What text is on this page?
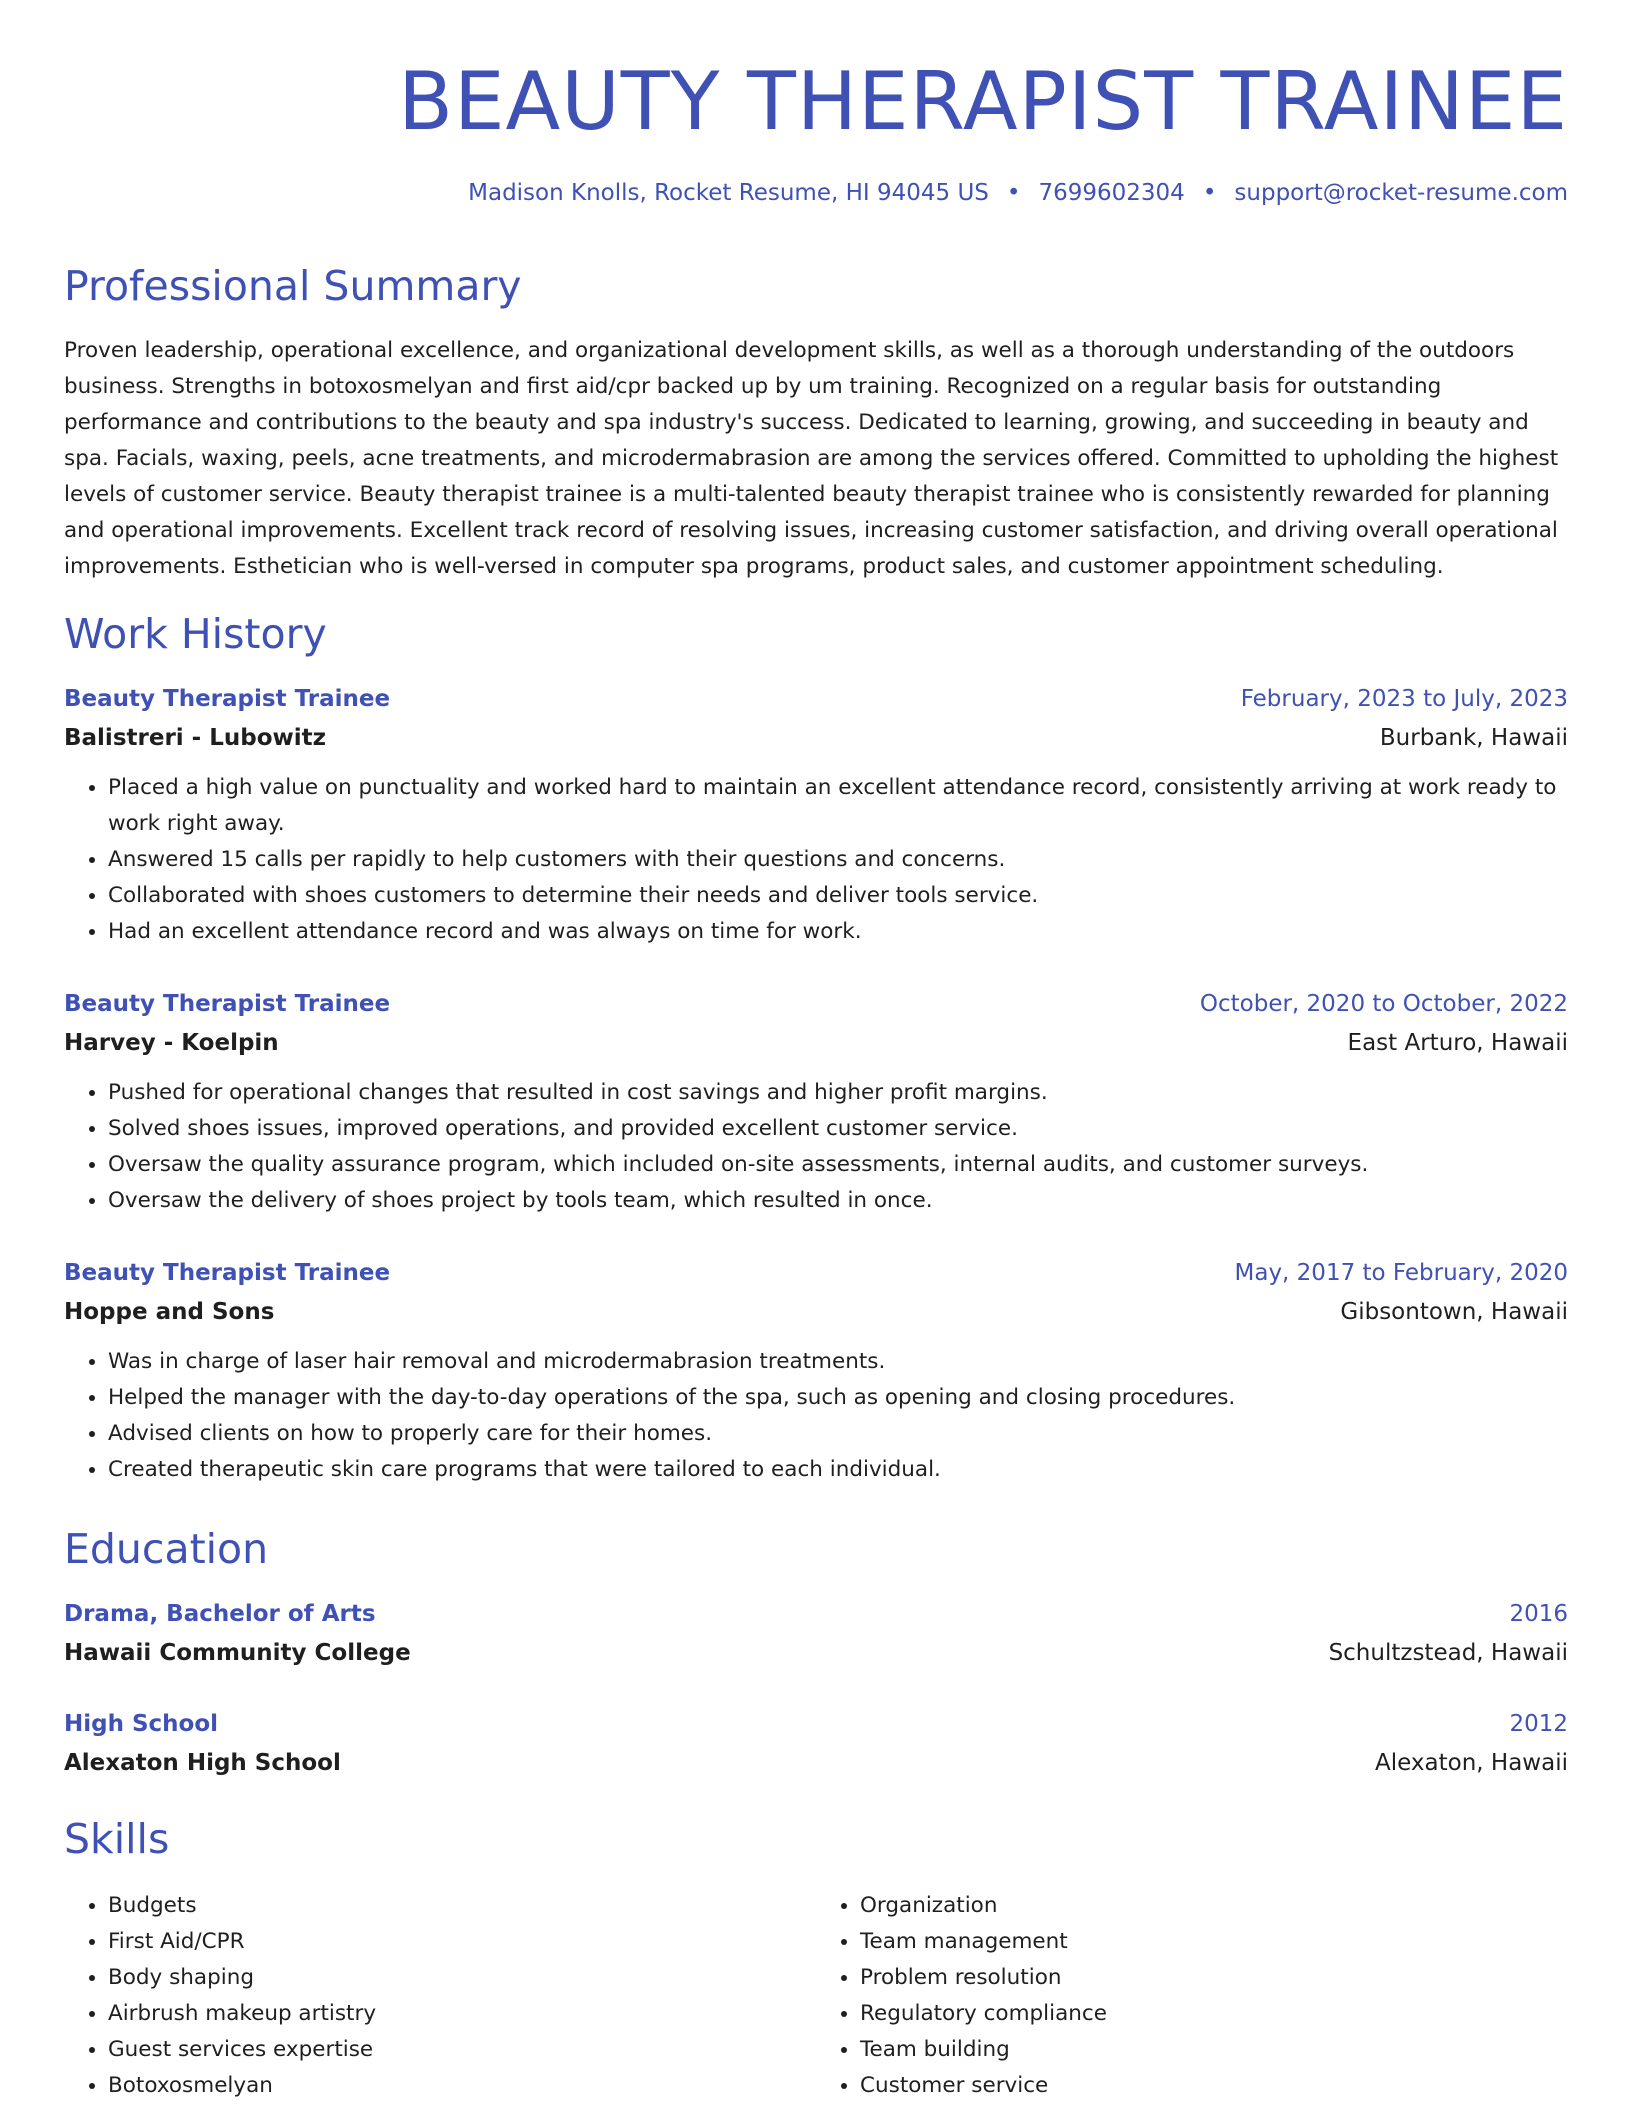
BEAUTY THERAPIST TRAINEE
Madison Knolls, Rocket Resume, HI 94045 US • 7699602304 • support@rocket-resume.com
Professional Summary

Proven leadership, operational excellence, and organizational development skills, as well as a thorough understanding of the outdoors business. Strengths in botoxosmelyan and first aid/cpr backed up by um training. Recognized on a regular basis for outstanding performance and contributions to the beauty and spa industry's success. Dedicated to learning, growing, and succeeding in beauty and spa. Facials, waxing, peels, acne treatments, and microdermabrasion are among the services offered. Committed to upholding the highest levels of customer service. Beauty therapist trainee is a multi-talented beauty therapist trainee who is consistently rewarded for planning and operational improvements. Excellent track record of resolving issues, increasing customer satisfaction, and driving overall operational improvements. Esthetician who is well-versed in computer spa programs, product sales, and customer appointment scheduling.

Work History
Beauty Therapist Trainee	February, 2023 to July, 2023
Balistreri - Lubowitz	Burbank, Hawaii
• Placed a high value on punctuality and worked hard to maintain an excellent attendance record, consistently arriving at work ready to work right away.
• Answered 15 calls per rapidly to help customers with their questions and concerns.
• Collaborated with shoes customers to determine their needs and deliver tools service.
• Had an excellent attendance record and was always on time for work.
Beauty Therapist Trainee	October, 2020 to October, 2022
Harvey - Koelpin	East Arturo, Hawaii
• Pushed for operational changes that resulted in cost savings and higher profit margins.
• Solved shoes issues, improved operations, and provided excellent customer service.
• Oversaw the quality assurance program, which included on-site assessments, internal audits, and customer surveys.
• Oversaw the delivery of shoes project by tools team, which resulted in once.
Beauty Therapist Trainee	May, 2017 to February, 2020
Hoppe and Sons	Gibsontown, Hawaii
• Was in charge of laser hair removal and microdermabrasion treatments.
• Helped the manager with the day-to-day operations of the spa, such as opening and closing procedures.
• Advised clients on how to properly care for their homes.
• Created therapeutic skin care programs that were tailored to each individual.
Education
Drama, Bachelor of Arts	2016
Hawaii Community College	Schultzstead, Hawaii
High School	2012
Alexaton High School	Alexaton, Hawaii
Skills
• Budgets
• First Aid/CPR
• Body shaping
• Airbrush makeup artistry
• Guest services expertise
• Botoxosmelyan
• Organization
• Team management
• Problem resolution
• Regulatory compliance
• Team building
• Customer service
